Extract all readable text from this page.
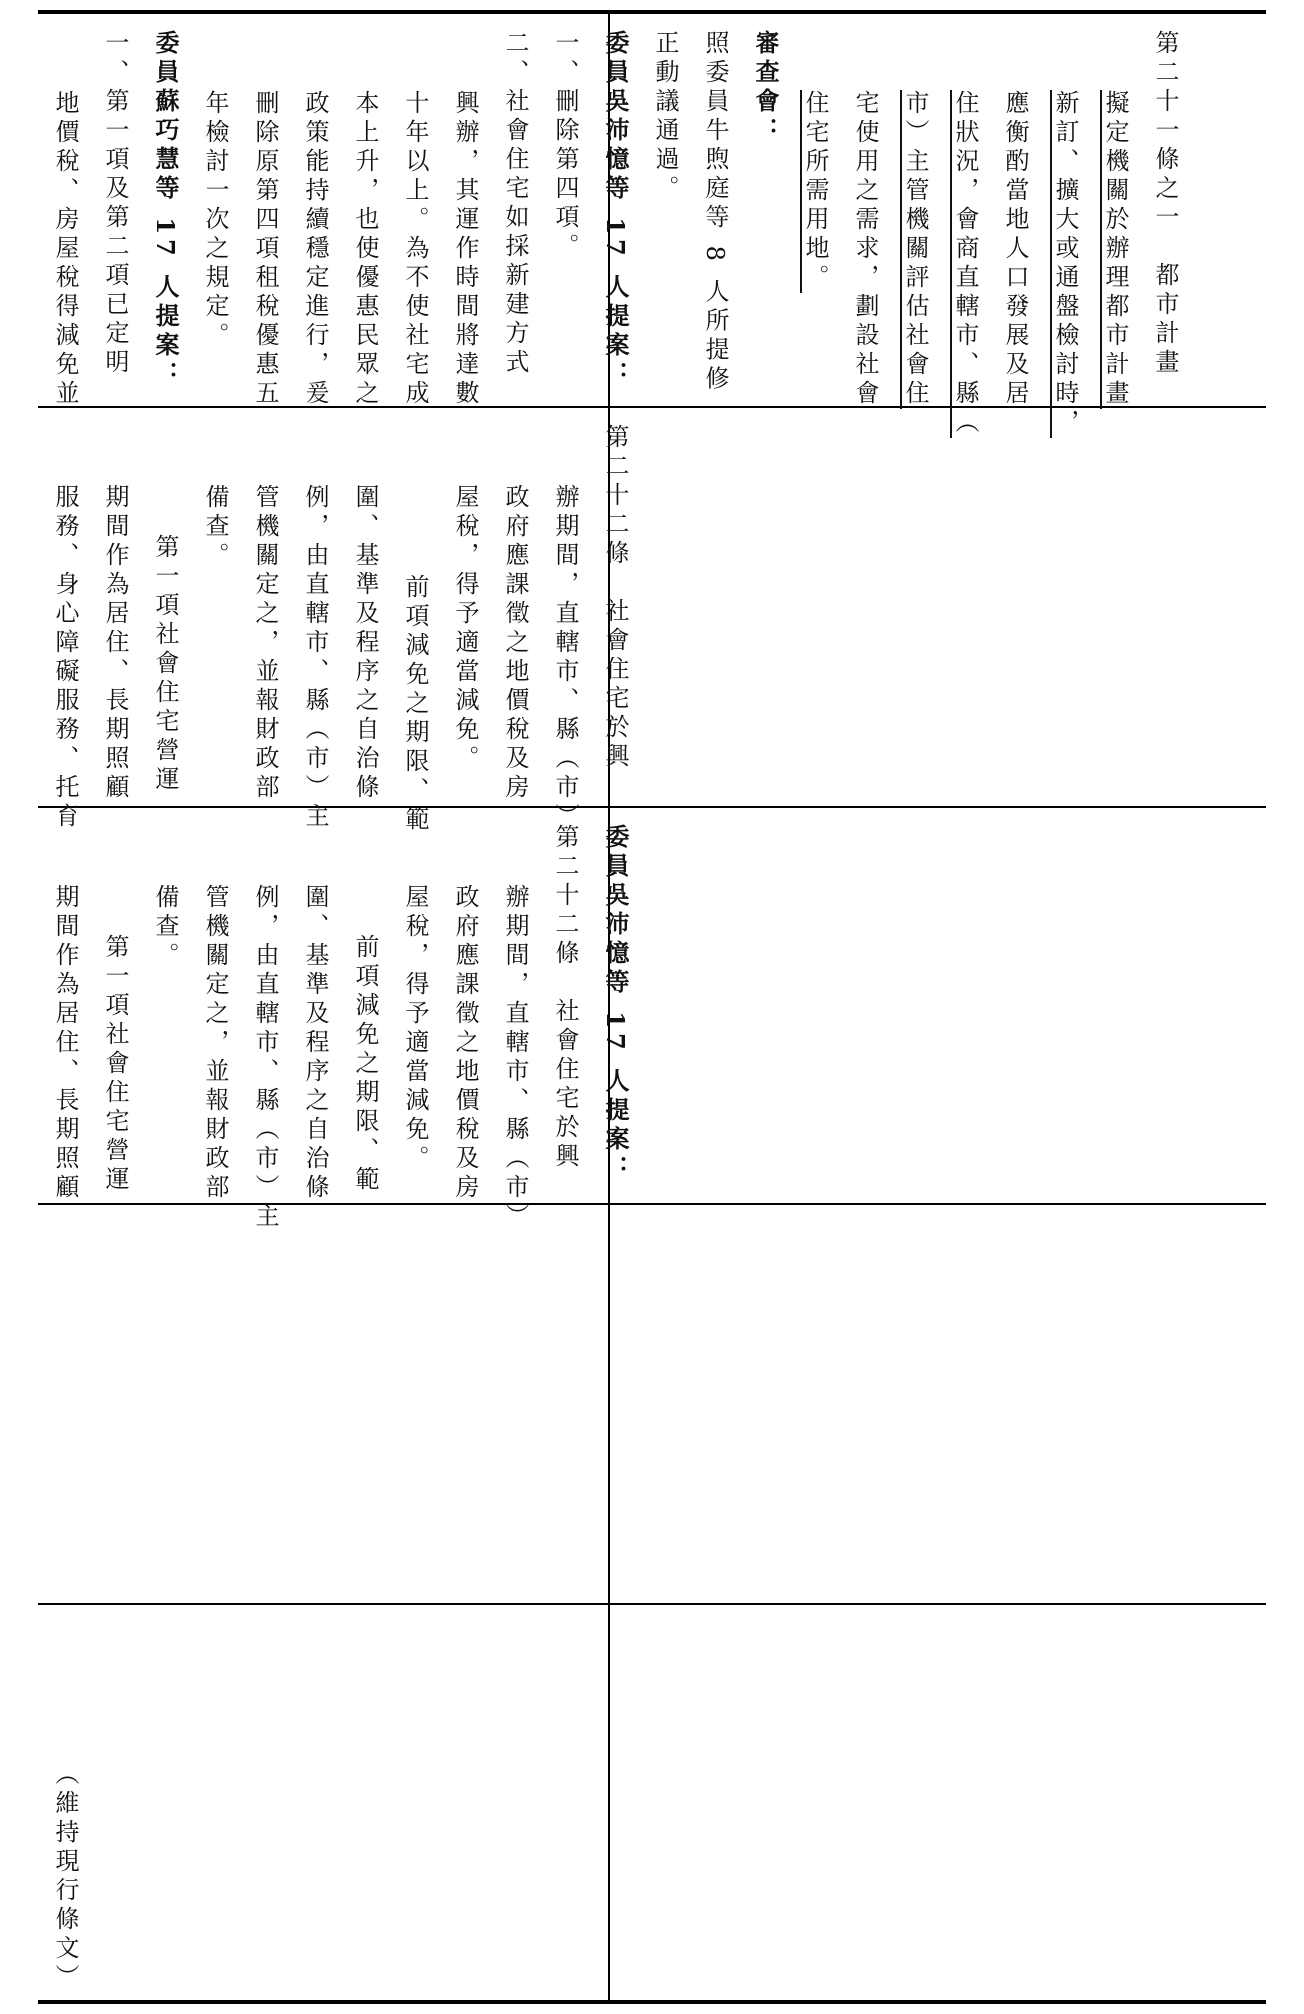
第二十一條之一　都市計畫
擬定機關於辦理都市計畫
新訂、擴大或通盤檢討時，
應衡酌當地人口發展及居
住狀況，會商直轄市、縣（
市）主管機關評估社會住
宅使用之需求，劃設社會
住宅所需用地。
審查會：
照委員牛煦庭等 8 人所提修
正動議通過。
委員吳沛憶等 17 人提案：
一、刪除第四項。
二、社會住宅如採新建方式
興辦，其運作時間將達數
十年以上。為不使社宅成
本上升，也使優惠民眾之
政策能持續穩定進行，爰
刪除原第四項租稅優惠五
年檢討一次之規定。
委員蘇巧慧等 17 人提案：
一、第一項及第二項已定明
地價稅、房屋稅得減免並
第二十二條　社會住宅於興
辦期間，直轄市、縣（市）
政府應課徵之地價稅及房
屋稅，得予適當減免。
前項減免之期限、範
圍、基準及程序之自治條
例，由直轄市、縣（市）主
管機關定之，並報財政部
備查。
第一項社會住宅營運
期間作為居住、長期照顧
服務、身心障礙服務、托育
委員吳沛憶等 17 人提案：
第二十二條　社會住宅於興
辦期間，直轄市、縣（市）
政府應課徵之地價稅及房
屋稅，得予適當減免。
前項減免之期限、範
圍、基準及程序之自治條
例，由直轄市、縣（市）主
管機關定之，並報財政部
備查。
第一項社會住宅營運
期間作為居住、長期照顧
（維持現行條文）
